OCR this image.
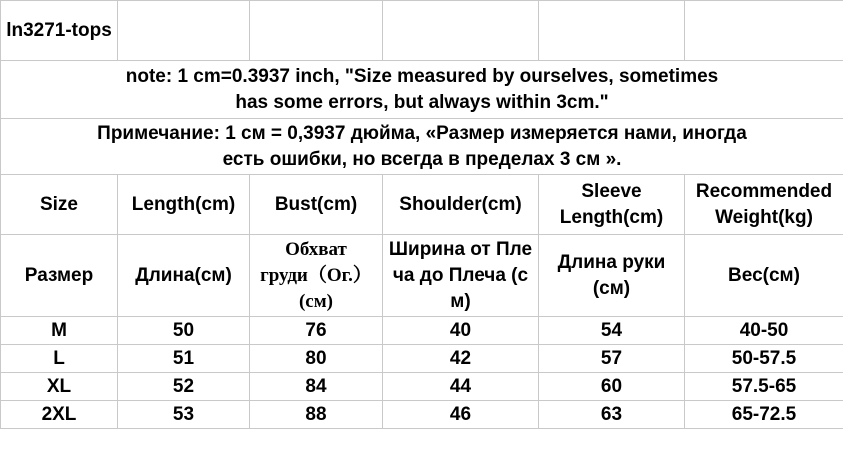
ln3271-tops					

note: 1 cm=0.3937 inch, "Size measured by ourselves, sometimes has some errors, but always within 3cm."					

Примечание: 1 см = 0,3937 дюйма, «Размер измеряется нами, иногда есть ошибки, но всегда в пределах 3 см ».					

Size	Length(cm)	Bust(cm)	Shoulder(cm)	Sleeve Length(cm)	Recommended Weight(kg)

Размер	Длина(см)	Обхват груди（Ог.）(см)	Ширина от Плеча до Плеча (см)	Длина руки (см)	Вес(см)
M	50	76	40	54	40-50
L	51	80	42	57	50-57.5
XL	52	84	44	60	57.5-65
2XL	53	88	46	63	65-72.5
